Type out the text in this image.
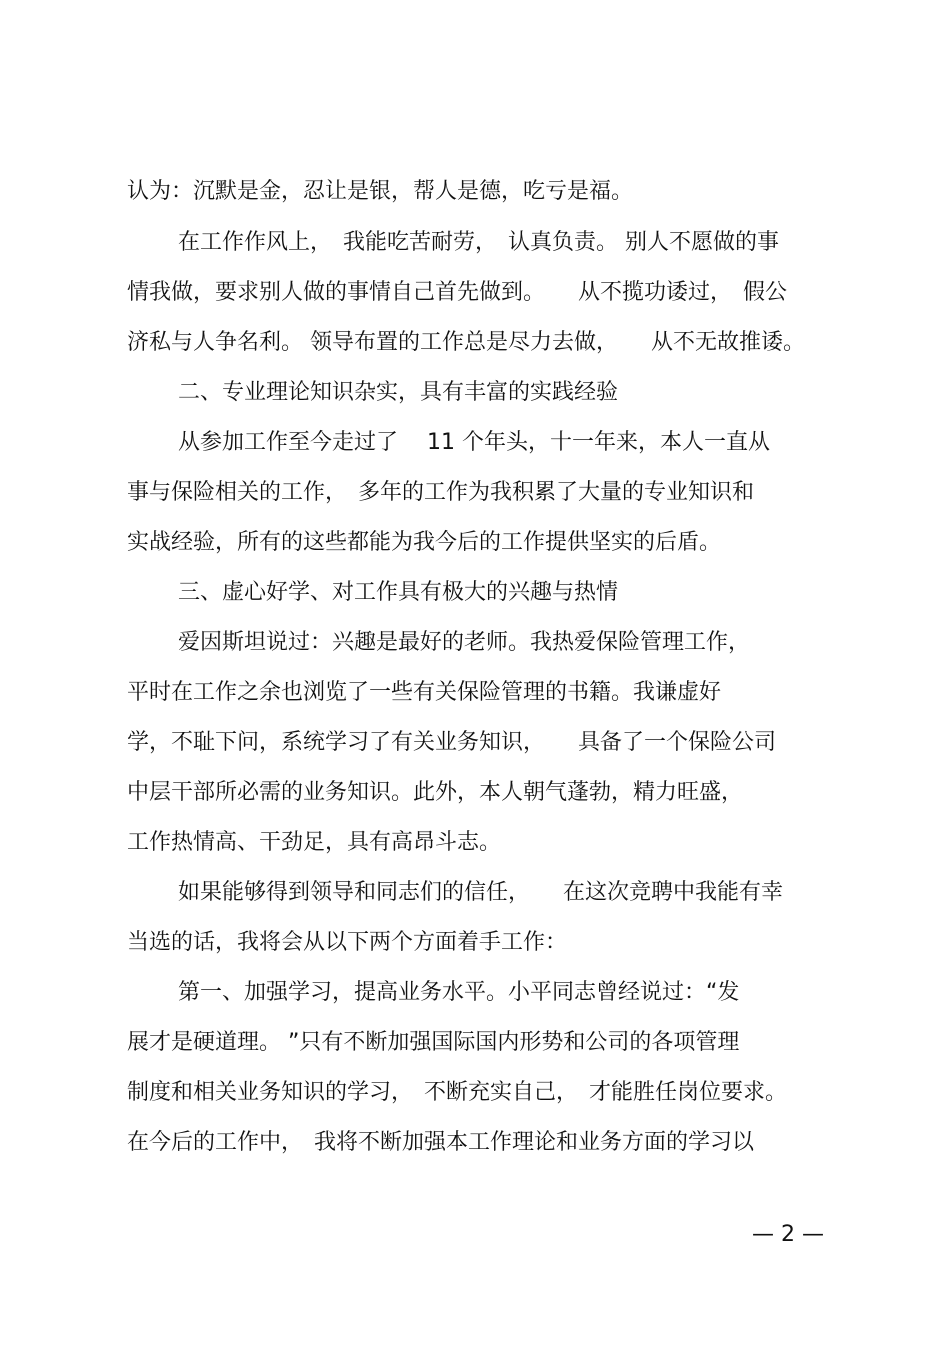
认为：沉默是金，忍让是银，帮人是德，吃亏是福。
在工作作风上，　我能吃苦耐劳，　认真负责。 别人不愿做的事
情我做，要求别人做的事情自己首先做到。　　从不揽功诿过，　假公
济私与人争名利。 领导布置的工作总是尽力去做，　　从不无故推诿。
二、专业理论知识杂实，具有丰富的实践经验
从参加工作至今走过了　 11 个年头，十一年来，本人一直从
事与保险相关的工作，　多年的工作为我积累了大量的专业知识和
实战经验，所有的这些都能为我今后的工作提供坚实的后盾。
三、虚心好学、对工作具有极大的兴趣与热情
爱因斯坦说过：兴趣是最好的老师。我热爱保险管理工作，
平时在工作之余也浏览了一些有关保险管理的书籍。我谦虚好
学，不耻下问，系统学习了有关业务知识，　　具备了一个保险公司
中层干部所必需的业务知识。此外，本人朝气蓬勃，精力旺盛，
工作热情高、干劲足，具有高昂斗志。
如果能够得到领导和同志们的信任，　　在这次竞聘中我能有幸
当选的话，我将会从以下两个方面着手工作：
第一、加强学习，提高业务水平。小平同志曾经说过：“发
展才是硬道理。 ”只有不断加强国际国内形势和公司的各项管理
制度和相关业务知识的学习，　不断充实自己，　才能胜任岗位要求。
在今后的工作中，　我将不断加强本工作理论和业务方面的学习以
— 2 —
